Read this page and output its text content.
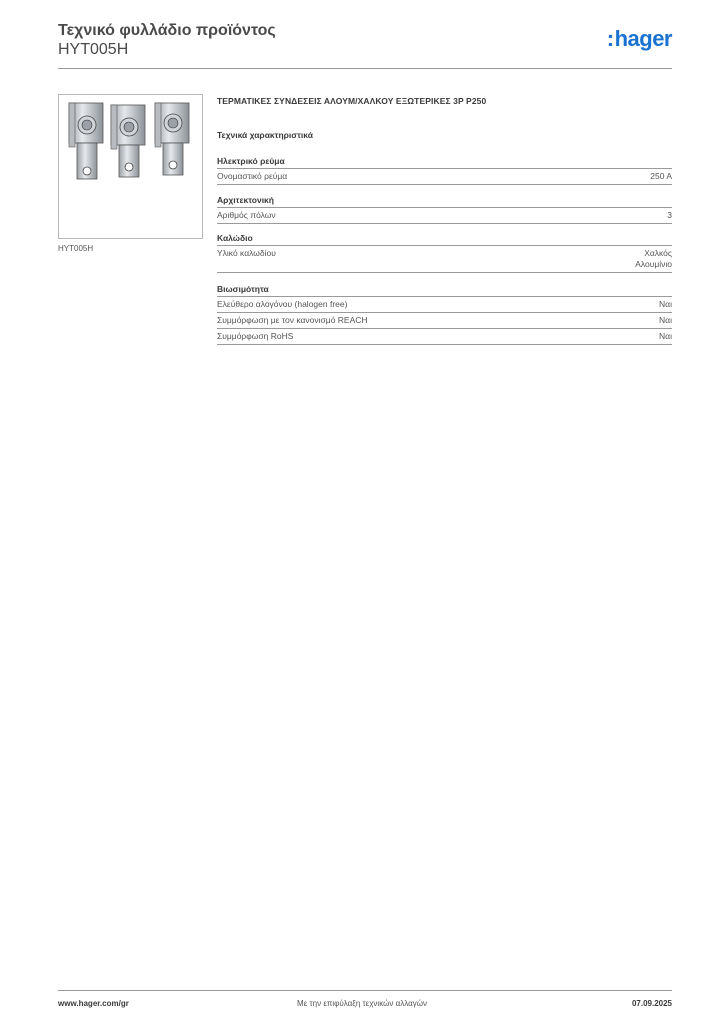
Τεχνικό φυλλάδιο προϊόντος
HYT005H	:hager
HYT005H
ΤΕΡΜΑΤΙΚΕΣ ΣΥΝΔΕΣΕΙΣ ΑΛΟΥΜ/ΧΑΛΚΟΥ ΕΞΩΤΕΡΙΚΕΣ 3P P250
Τεχνικά χαρακτηριστικά
Ηλεκτρικό ρεύμα
Ονομαστικό ρεύμα	250 A
Αρχιτεκτονική
Αριθμός πόλων	3
Καλώδιο
Υλικό καλωδίου	Χαλκός
Αλουμίνιο
Βιωσιμότητα
Ελεύθερο αλογόνου (halogen free)	Ναι
Συμμόρφωση με τον κανονισμό REACH	Ναι
Συμμόρφωση RoHS	Ναι
www.hager.com/gr	Με την επιφύλαξη τεχνικών αλλαγών	07.09.2025
